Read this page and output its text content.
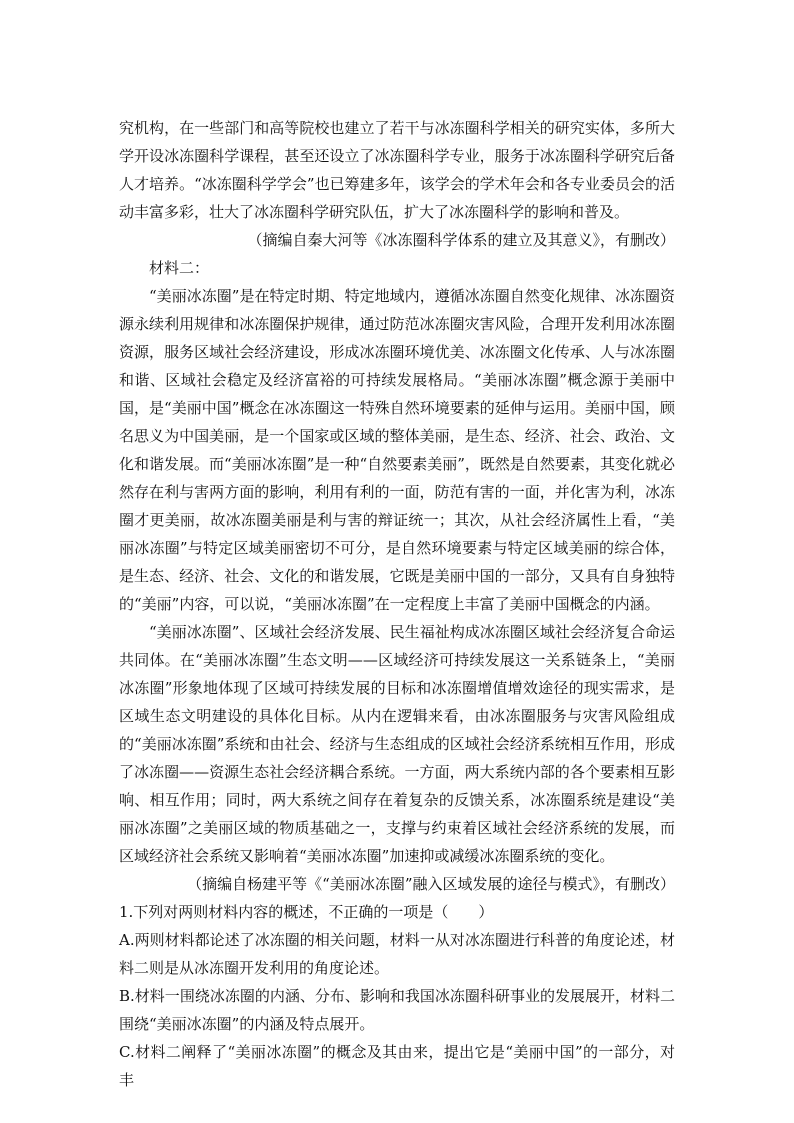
究机构，在一些部门和高等院校也建立了若干与冰冻圈科学相关的研究实体，多所大学开设冰冻圈科学课程，甚至还设立了冰冻圈科学专业，服务于冰冻圈科学研究后备人才培养。“冰冻圈科学学会”也已筹建多年，该学会的学术年会和各专业委员会的活动丰富多彩，壮大了冰冻圈科学研究队伍，扩大了冰冻圈科学的影响和普及。

（摘编自秦大河等《冰冻圈科学体系的建立及其意义》，有删改）

材料二：

“美丽冰冻圈”是在特定时期、特定地域内，遵循冰冻圈自然变化规律、冰冻圈资源永续利用规律和冰冻圈保护规律，通过防范冰冻圈灾害风险，合理开发利用冰冻圈资源，服务区域社会经济建设，形成冰冻圈环境优美、冰冻圈文化传承、人与冰冻圈和谐、区域社会稳定及经济富裕的可持续发展格局。“美丽冰冻圈”概念源于美丽中国，是“美丽中国”概念在冰冻圈这一特殊自然环境要素的延伸与运用。美丽中国，顾名思义为中国美丽，是一个国家或区域的整体美丽，是生态、经济、社会、政治、文化和谐发展。而“美丽冰冻圈”是一种“自然要素美丽”，既然是自然要素，其变化就必然存在利与害两方面的影响，利用有利的一面，防范有害的一面，并化害为利，冰冻圈才更美丽，故冰冻圈美丽是利与害的辩证统一；其次，从社会经济属性上看，“美丽冰冻圈”与特定区域美丽密切不可分，是自然环境要素与特定区域美丽的综合体，是生态、经济、社会、文化的和谐发展，它既是美丽中国的一部分，又具有自身独特的“美丽”内容，可以说，“美丽冰冻圈”在一定程度上丰富了美丽中国概念的内涵。

“美丽冰冻圈”、区域社会经济发展、民生福祉构成冰冻圈区域社会经济复合命运共同体。在“美丽冰冻圈”生态文明——区域经济可持续发展这一关系链条上，“美丽冰冻圈”形象地体现了区域可持续发展的目标和冰冻圈增值增效途径的现实需求，是区域生态文明建设的具体化目标。从内在逻辑来看，由冰冻圈服务与灾害风险组成的“美丽冰冻圈”系统和由社会、经济与生态组成的区域社会经济系统相互作用，形成了冰冻圈——资源生态社会经济耦合系统。一方面，两大系统内部的各个要素相互影响、相互作用；同时，两大系统之间存在着复杂的反馈关系，冰冻圈系统是建设“美丽冰冻圈”之美丽区域的物质基础之一，支撑与约束着区域社会经济系统的发展，而区域经济社会系统又影响着“美丽冰冻圈”加速抑或减缓冰冻圈系统的变化。

（摘编自杨建平等《“美丽冰冻圈”融入区域发展的途径与模式》，有删改）

1.下列对两则材料内容的概述，不正确的一项是（　　）

A.两则材料都论述了冰冻圈的相关问题，材料一从对冰冻圈进行科普的角度论述，材料二则是从冰冻圈开发利用的角度论述。

B.材料一围绕冰冻圈的内涵、分布、影响和我国冰冻圈科研事业的发展展开，材料二围绕“美丽冰冻圈”的内涵及特点展开。

C.材料二阐释了“美丽冰冻圈”的概念及其由来，提出它是“美丽中国”的一部分，对丰
